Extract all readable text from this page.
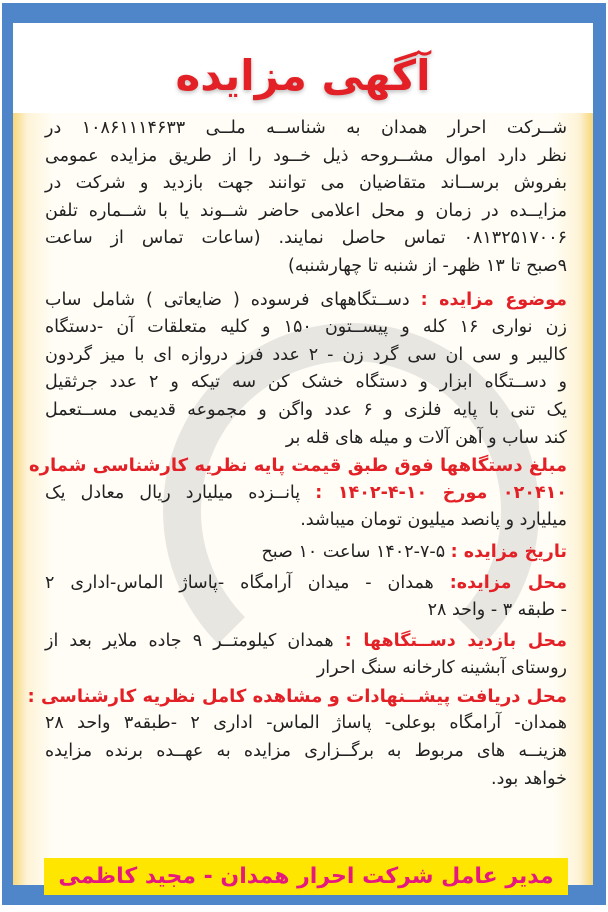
آگهی مزایده
شــرکت احرار همدان به شناســه ملــی ۱۰۸۶۱۱۱۴۶۳۳ در
نظر دارد اموال مشــروحه ذیل خــود را از طریق مزایده عمومی
بفروش برســاند متقاضیان می توانند جهت بازدید و شرکت در
مزایــده در زمان و محل اعلامی حاضر شــوند یا با شــماره تلفن
۰۸۱۳۲۵۱۷۰۰۶ تماس حاصل نمایند. (ساعات تماس از ساعت
۹صبح تا ۱۳ ظهر- از شنبه تا چهارشنبه)
موضوع مزایده : دســتگاههای فرسوده ( ضایعاتی ) شامل ساب
زن نواری ۱۶ کله و پیســتون ۱۵۰ و کلیه متعلقات آن -دستگاه
کالیبر و سی ان سی گرد زن - ۲ عدد فرز دروازه ای با میز گردون
و دســتگاه ابزار و دستگاه خشک کن سه تیکه و ۲ عدد جرثقیل
یک تنی با پایه فلزی و ۶ عدد واگن و مجموعه قدیمی مســتعمل
کند ساب و آهن آلات و میله های قله بر
مبلغ دستگاهها فوق طبق قیمت پایه نظریه کارشناسی شماره
۰۲۰۴۱۰ مورخ ۱۰-۴-۱۴۰۲ : پانــزده میلیارد ریال معادل یک
میلیارد و پانصد میلیون تومان میباشد.
تاریخ مزایده : ۵-۷-۱۴۰۲ ساعت ۱۰ صبح
محل مزایده: همدان - میدان آرامگاه -پاساژ الماس-اداری ۲
- طبقه ۳ - واحد ۲۸
محل بازدید دســتگاهها : همدان کیلومتــر ۹ جاده ملایر بعد از
روستای آبشینه کارخانه سنگ احرار
محل دریافت پیشــنهادات و مشاهده کامل نظریه کارشناسی :
همدان- آرامگاه بوعلی- پاساژ الماس- اداری ۲ -طبقه۳ واحد ۲۸
هزینــه های مربوط به برگــزاری مزایده به عهــده برنده مزایده
خواهد بود.
مدیر عامل شرکت احرار همدان - مجید کاظمی
